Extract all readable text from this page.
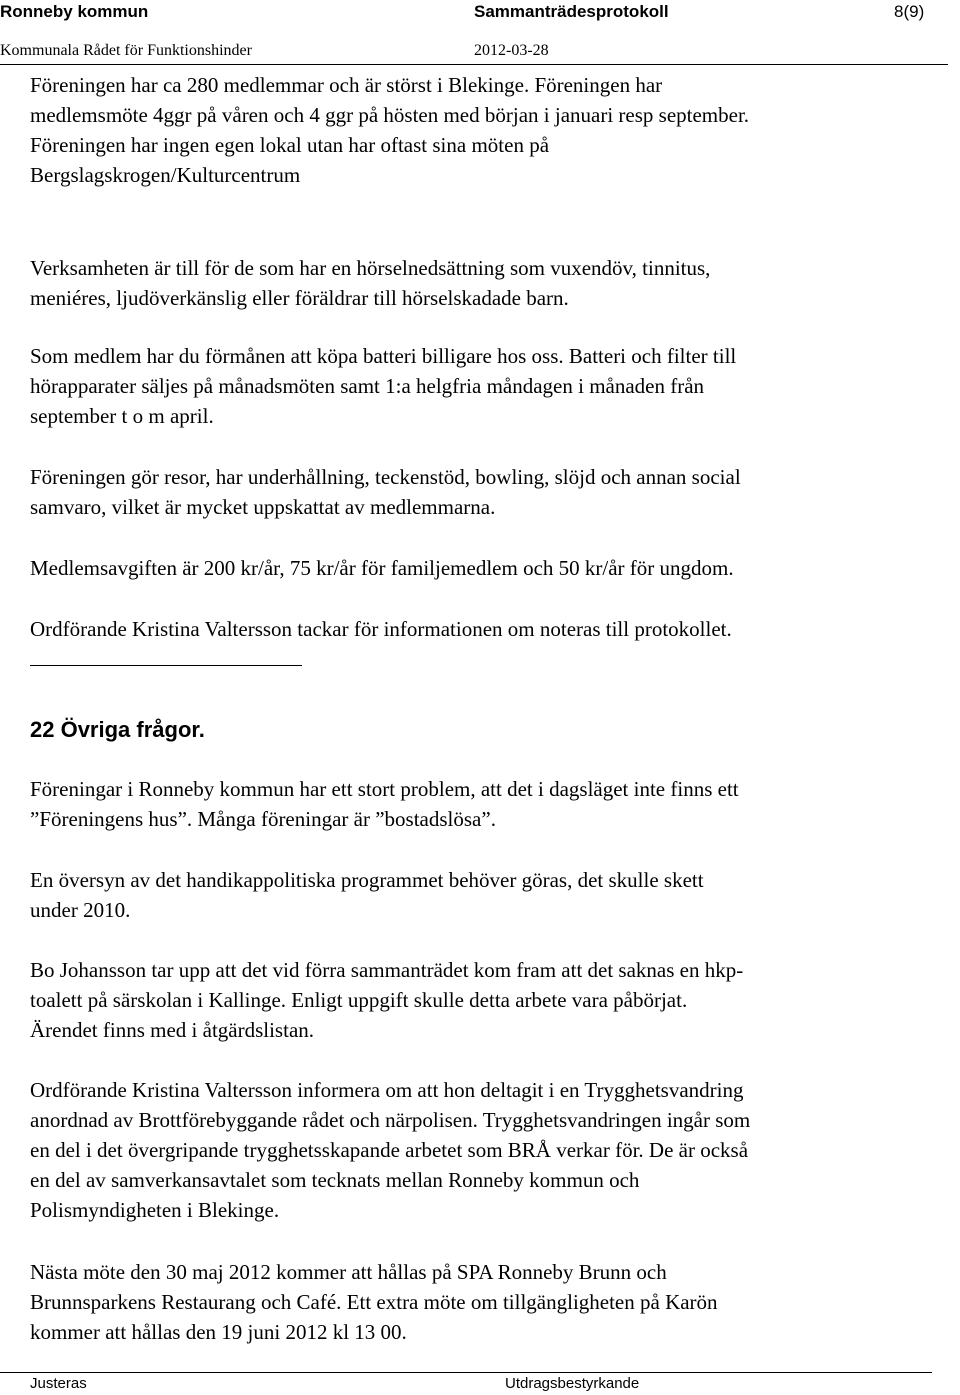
Ronneby kommun	Sammanträdesprotokoll	8(9)
Kommunala Rådet för Funktionshinder	2012-03-28

Föreningen har ca 280 medlemmar och är störst i Blekinge. Föreningen har

medlemsmöte 4ggr på våren och 4 ggr på hösten med början i januari resp september.

Föreningen har ingen egen lokal utan har oftast sina möten på

Bergslagskrogen/Kulturcentrum

Verksamheten är till för de som har en hörselnedsättning som vuxendöv, tinnitus,

meniéres, ljudöverkänslig eller föräldrar till hörselskadade barn.

Som medlem har du förmånen att köpa batteri billigare hos oss. Batteri och filter till

hörapparater säljes på månadsmöten samt 1:a helgfria måndagen i månaden från

september t o m april.

Föreningen gör resor, har underhållning, teckenstöd, bowling, slöjd och annan social

samvaro, vilket är mycket uppskattat av medlemmarna.

Medlemsavgiften är 200 kr/år, 75 kr/år för familjemedlem och 50 kr/år för ungdom.

Ordförande Kristina Valtersson tackar för informationen om noteras till protokollet.

22 Övriga frågor.

Föreningar i Ronneby kommun har ett stort problem, att det i dagsläget inte finns ett

”Föreningens hus”. Många föreningar är ”bostadslösa”.

En översyn av det handikappolitiska programmet behöver göras, det skulle skett

under 2010.

Bo Johansson tar upp att det vid förra sammanträdet kom fram att det saknas en hkp-

toalett på särskolan i Kallinge. Enligt uppgift skulle detta arbete vara påbörjat.

Ärendet finns med i åtgärdslistan.

Ordförande Kristina Valtersson informera om att hon deltagit i en Trygghetsvandring

anordnad av Brottförebyggande rådet och närpolisen. Trygghetsvandringen ingår som

en del i det övergripande trygghetsskapande arbetet som BRÅ verkar för. De är också

en del av samverkansavtalet som tecknats mellan Ronneby kommun och

Polismyndigheten i Blekinge.

Nästa möte den 30 maj 2012 kommer att hållas på SPA Ronneby Brunn och

Brunnsparkens Restaurang och Café. Ett extra möte om tillgängligheten på Karön

kommer att hållas den 19 juni 2012 kl 13 00.

Justeras	Utdragsbestyrkande
